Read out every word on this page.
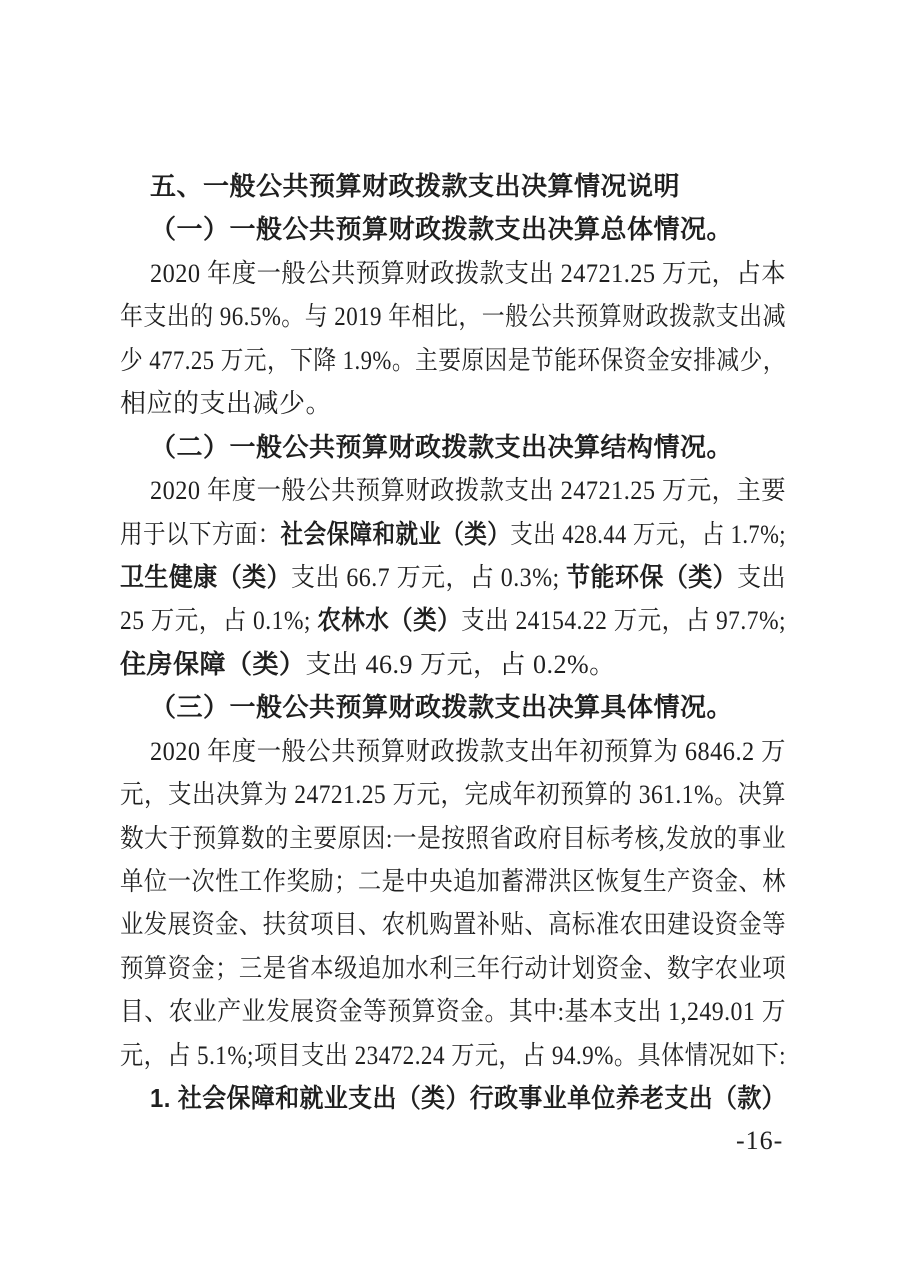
五、一般公共预算财政拨款支出决算情况说明
（一）一般公共预算财政拨款支出决算总体情况。
2020 年度一般公共预算财政拨款支出 24721.25 万元，占本
年支出的 96.5%。与 2019 年相比，一般公共预算财政拨款支出减
少 477.25 万元，下降 1.9%。主要原因是节能环保资金安排减少，
相应的支出减少。
（二）一般公共预算财政拨款支出决算结构情况。
2020 年度一般公共预算财政拨款支出 24721.25 万元，主要
用于以下方面：社会保障和就业（类）支出 428.44 万元，占 1.7%;
卫生健康（类）支出 66.7 万元，占 0.3%; 节能环保（类）支出
25 万元，占 0.1%; 农林水（类）支出 24154.22 万元，占 97.7%;
住房保障（类）支出 46.9 万元，占 0.2%。
（三）一般公共预算财政拨款支出决算具体情况。
2020 年度一般公共预算财政拨款支出年初预算为 6846.2 万
元，支出决算为 24721.25 万元，完成年初预算的 361.1%。决算
数大于预算数的主要原因:一是按照省政府目标考核,发放的事业
单位一次性工作奖励；二是中央追加蓄滞洪区恢复生产资金、林
业发展资金、扶贫项目、农机购置补贴、高标准农田建设资金等
预算资金；三是省本级追加水利三年行动计划资金、数字农业项
目、农业产业发展资金等预算资金。其中:基本支出 1,249.01 万
元，占 5.1%;项目支出 23472.24 万元，占 94.9%。具体情况如下:
1. 社会保障和就业支出（类）行政事业单位养老支出（款）
-16-
